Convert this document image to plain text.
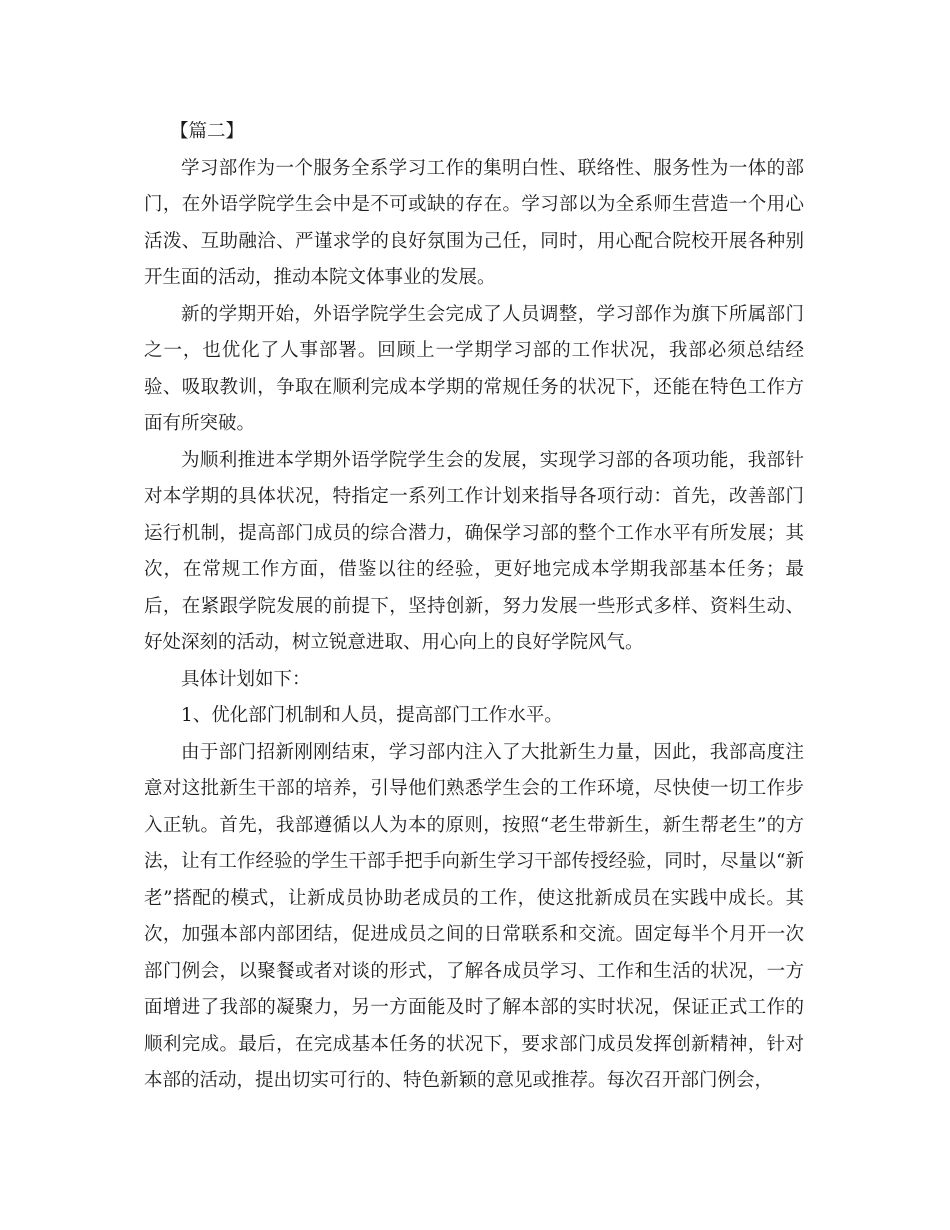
【篇二】

学习部作为一个服务全系学习工作的集明白性、联络性、服务性为一体的部门，在外语学院学生会中是不可或缺的存在。学习部以为全系师生营造一个用心活泼、互助融洽、严谨求学的良好氛围为己任，同时，用心配合院校开展各种别开生面的活动，推动本院文体事业的发展。

新的学期开始，外语学院学生会完成了人员调整，学习部作为旗下所属部门之一，也优化了人事部署。回顾上一学期学习部的工作状况，我部必须总结经验、吸取教训，争取在顺利完成本学期的常规任务的状况下，还能在特色工作方面有所突破。

为顺利推进本学期外语学院学生会的发展，实现学习部的各项功能，我部针对本学期的具体状况，特指定一系列工作计划来指导各项行动：首先，改善部门运行机制，提高部门成员的综合潜力，确保学习部的整个工作水平有所发展；其次，在常规工作方面，借鉴以往的经验，更好地完成本学期我部基本任务；最后，在紧跟学院发展的前提下，坚持创新，努力发展一些形式多样、资料生动、好处深刻的活动，树立锐意进取、用心向上的良好学院风气。

具体计划如下：

1、优化部门机制和人员，提高部门工作水平。

由于部门招新刚刚结束，学习部内注入了大批新生力量，因此，我部高度注意对这批新生干部的培养，引导他们熟悉学生会的工作环境，尽快使一切工作步入正轨。首先，我部遵循以人为本的原则，按照“老生带新生，新生帮老生”的方法，让有工作经验的学生干部手把手向新生学习干部传授经验，同时，尽量以“新老”搭配的模式，让新成员协助老成员的工作，使这批新成员在实践中成长。其次，加强本部内部团结，促进成员之间的日常联系和交流。固定每半个月开一次部门例会，以聚餐或者对谈的形式，了解各成员学习、工作和生活的状况，一方面增进了我部的凝聚力，另一方面能及时了解本部的实时状况，保证正式工作的顺利完成。最后，在完成基本任务的状况下，要求部门成员发挥创新精神，针对本部的活动，提出切实可行的、特色新颖的意见或推荐。每次召开部门例会，
